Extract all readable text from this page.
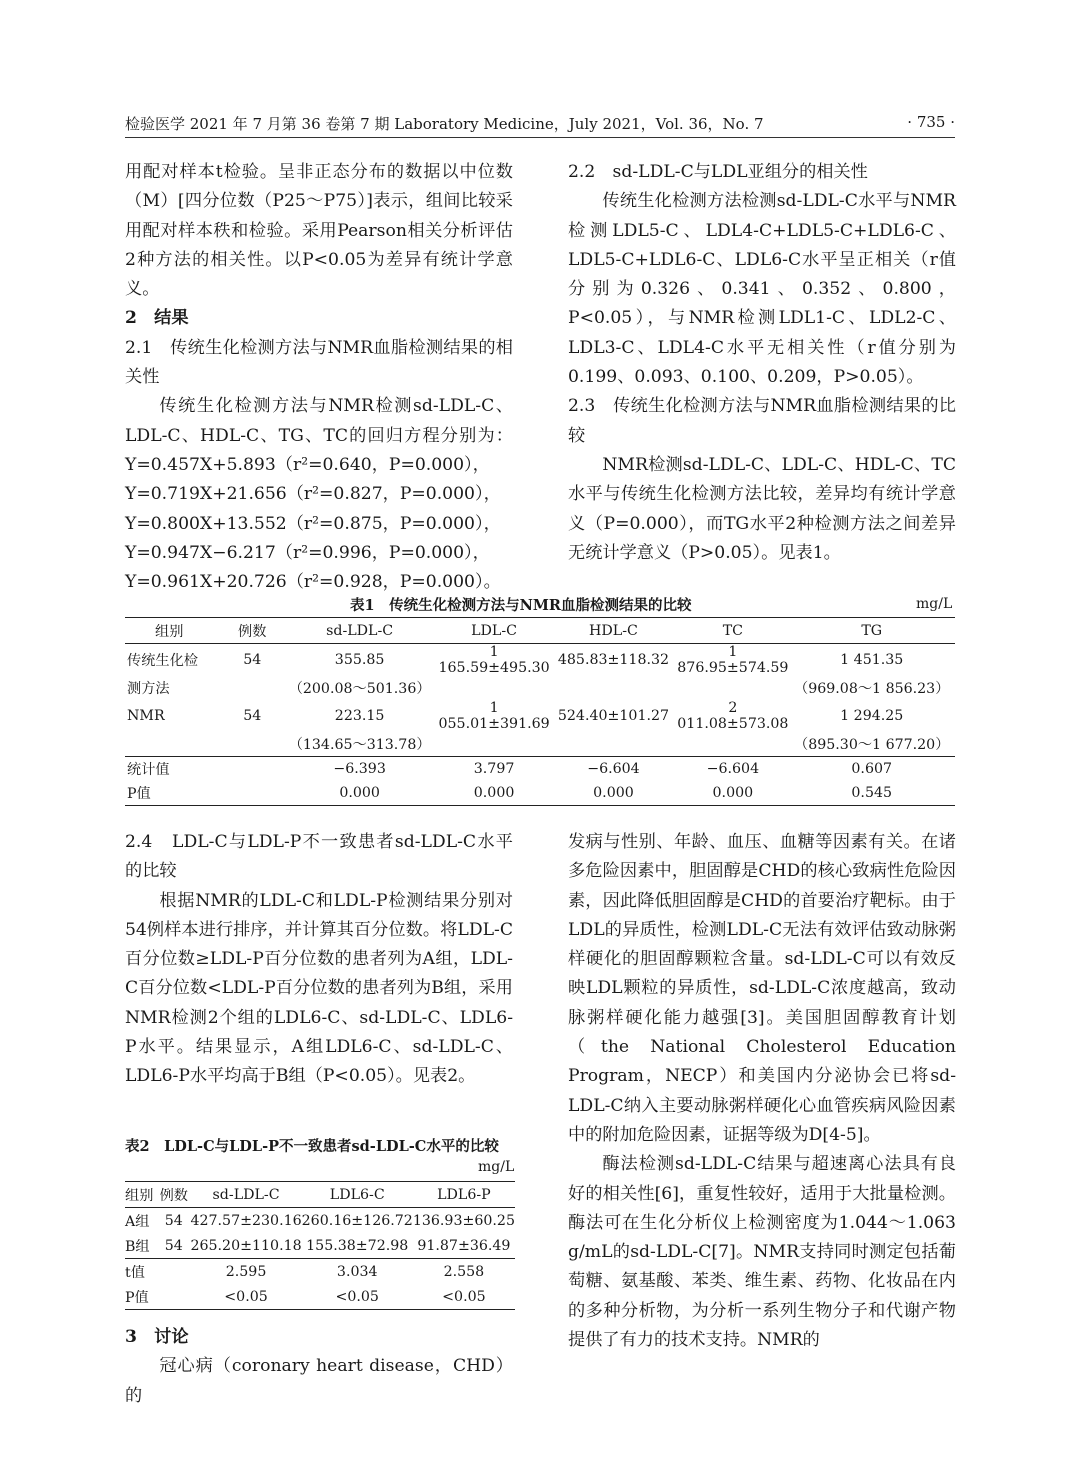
检验医学 2021 年 7 月第 36 卷第 7 期 Laboratory Medicine，July 2021，Vol. 36，No. 7	· 735 ·

用配对样本t检验。呈非正态分布的数据以中位数（M）[四分位数（P25～P75）]表示，组间比较采用配对样本秩和检验。采用Pearson相关分析评估2种方法的相关性。以P<0.05为差异有统计学意义。

2　结果

2.1　传统生化检测方法与NMR血脂检测结果的相关性

传统生化检测方法与NMR检测sd-LDL-C、LDL-C、HDL-C、TG、TC的回归方程分别为：Y=0.457X+5.893（r²=0.640，P=0.000），

Y=0.719X+21.656（r²=0.827，P=0.000），

Y=0.800X+13.552（r²=0.875，P=0.000），

Y=0.947X−6.217（r²=0.996，P=0.000），

Y=0.961X+20.726（r²=0.928，P=0.000）。

2.2　sd-LDL-C与LDL亚组分的相关性

传统生化检测方法检测sd-LDL-C水平与NMR检测LDL5-C、LDL4-C+LDL5-C+LDL6-C、LDL5-C+LDL6-C、LDL6-C水平呈正相关（r值分别为0.326、0.341、0.352、0.800，P<0.05），与NMR检测LDL1-C、LDL2-C、LDL3-C、LDL4-C水平无相关性（r值分别为0.199、0.093、0.100、0.209，P>0.05）。

2.3　传统生化检测方法与NMR血脂检测结果的比较

NMR检测sd-LDL-C、LDL-C、HDL-C、TC水平与传统生化检测方法比较，差异均有统计学意义（P=0.000），而TG水平2种检测方法之间差异无统计学意义（P>0.05）。见表1。

表1　传统生化检测方法与NMR血脂检测结果的比较	mg/L
组别	例数	sd-LDL-C	LDL-C	HDL-C	TC	TG
传统生化检	54	355.85	1 165.59±495.30	485.83±118.32	1 876.95±574.59	1 451.35
测方法		（200.08～501.36）				（969.08～1 856.23）
NMR	54	223.15	1 055.01±391.69	524.40±101.27	2 011.08±573.08	1 294.25
		（134.65～313.78）				（895.30～1 677.20）
统计值		−6.393	3.797	−6.604	−6.604	0.607
P值		0.000	0.000	0.000	0.000	0.545

2.4　LDL-C与LDL-P不一致患者sd-LDL-C水平的比较

根据NMR的LDL-C和LDL-P检测结果分别对54例样本进行排序，并计算其百分位数。将LDL-C百分位数≥LDL-P百分位数的患者列为A组，LDL-C百分位数<LDL-P百分位数的患者列为B组，采用NMR检测2个组的LDL6-C、sd-LDL-C、LDL6-P水平。结果显示，A组LDL6-C、sd-LDL-C、LDL6-P水平均高于B组（P<0.05）。见表2。

表2　LDL-C与LDL-P不一致患者sd-LDL-C水平的比较
mg/L
组别	例数	sd-LDL-C	LDL6-C	LDL6-P
A组	54	427.57±230.16	260.16±126.72	136.93±60.25
B组	54	265.20±110.18	155.38±72.98	91.87±36.49
t值		2.595	3.034	2.558
P值		<0.05	<0.05	<0.05

3　讨论

冠心病（coronary heart disease，CHD）的

发病与性别、年龄、血压、血糖等因素有关。在诸多危险因素中，胆固醇是CHD的核心致病性危险因素，因此降低胆固醇是CHD的首要治疗靶标。由于LDL的异质性，检测LDL-C无法有效评估致动脉粥样硬化的胆固醇颗粒含量。sd-LDL-C可以有效反映LDL颗粒的异质性，sd-LDL-C浓度越高，致动脉粥样硬化能力越强[3]。美国胆固醇教育计划（the National Cholesterol Education Program，NECP）和美国内分泌协会已将sd-LDL-C纳入主要动脉粥样硬化心血管疾病风险因素中的附加危险因素，证据等级为D[4-5]。

酶法检测sd-LDL-C结果与超速离心法具有良好的相关性[6]，重复性较好，适用于大批量检测。酶法可在生化分析仪上检测密度为1.044～1.063 g/mL的sd-LDL-C[7]。NMR支持同时测定包括葡萄糖、氨基酸、苯类、维生素、药物、化妆品在内的多种分析物，为分析一系列生物分子和代谢产物提供了有力的技术支持。NMR的
